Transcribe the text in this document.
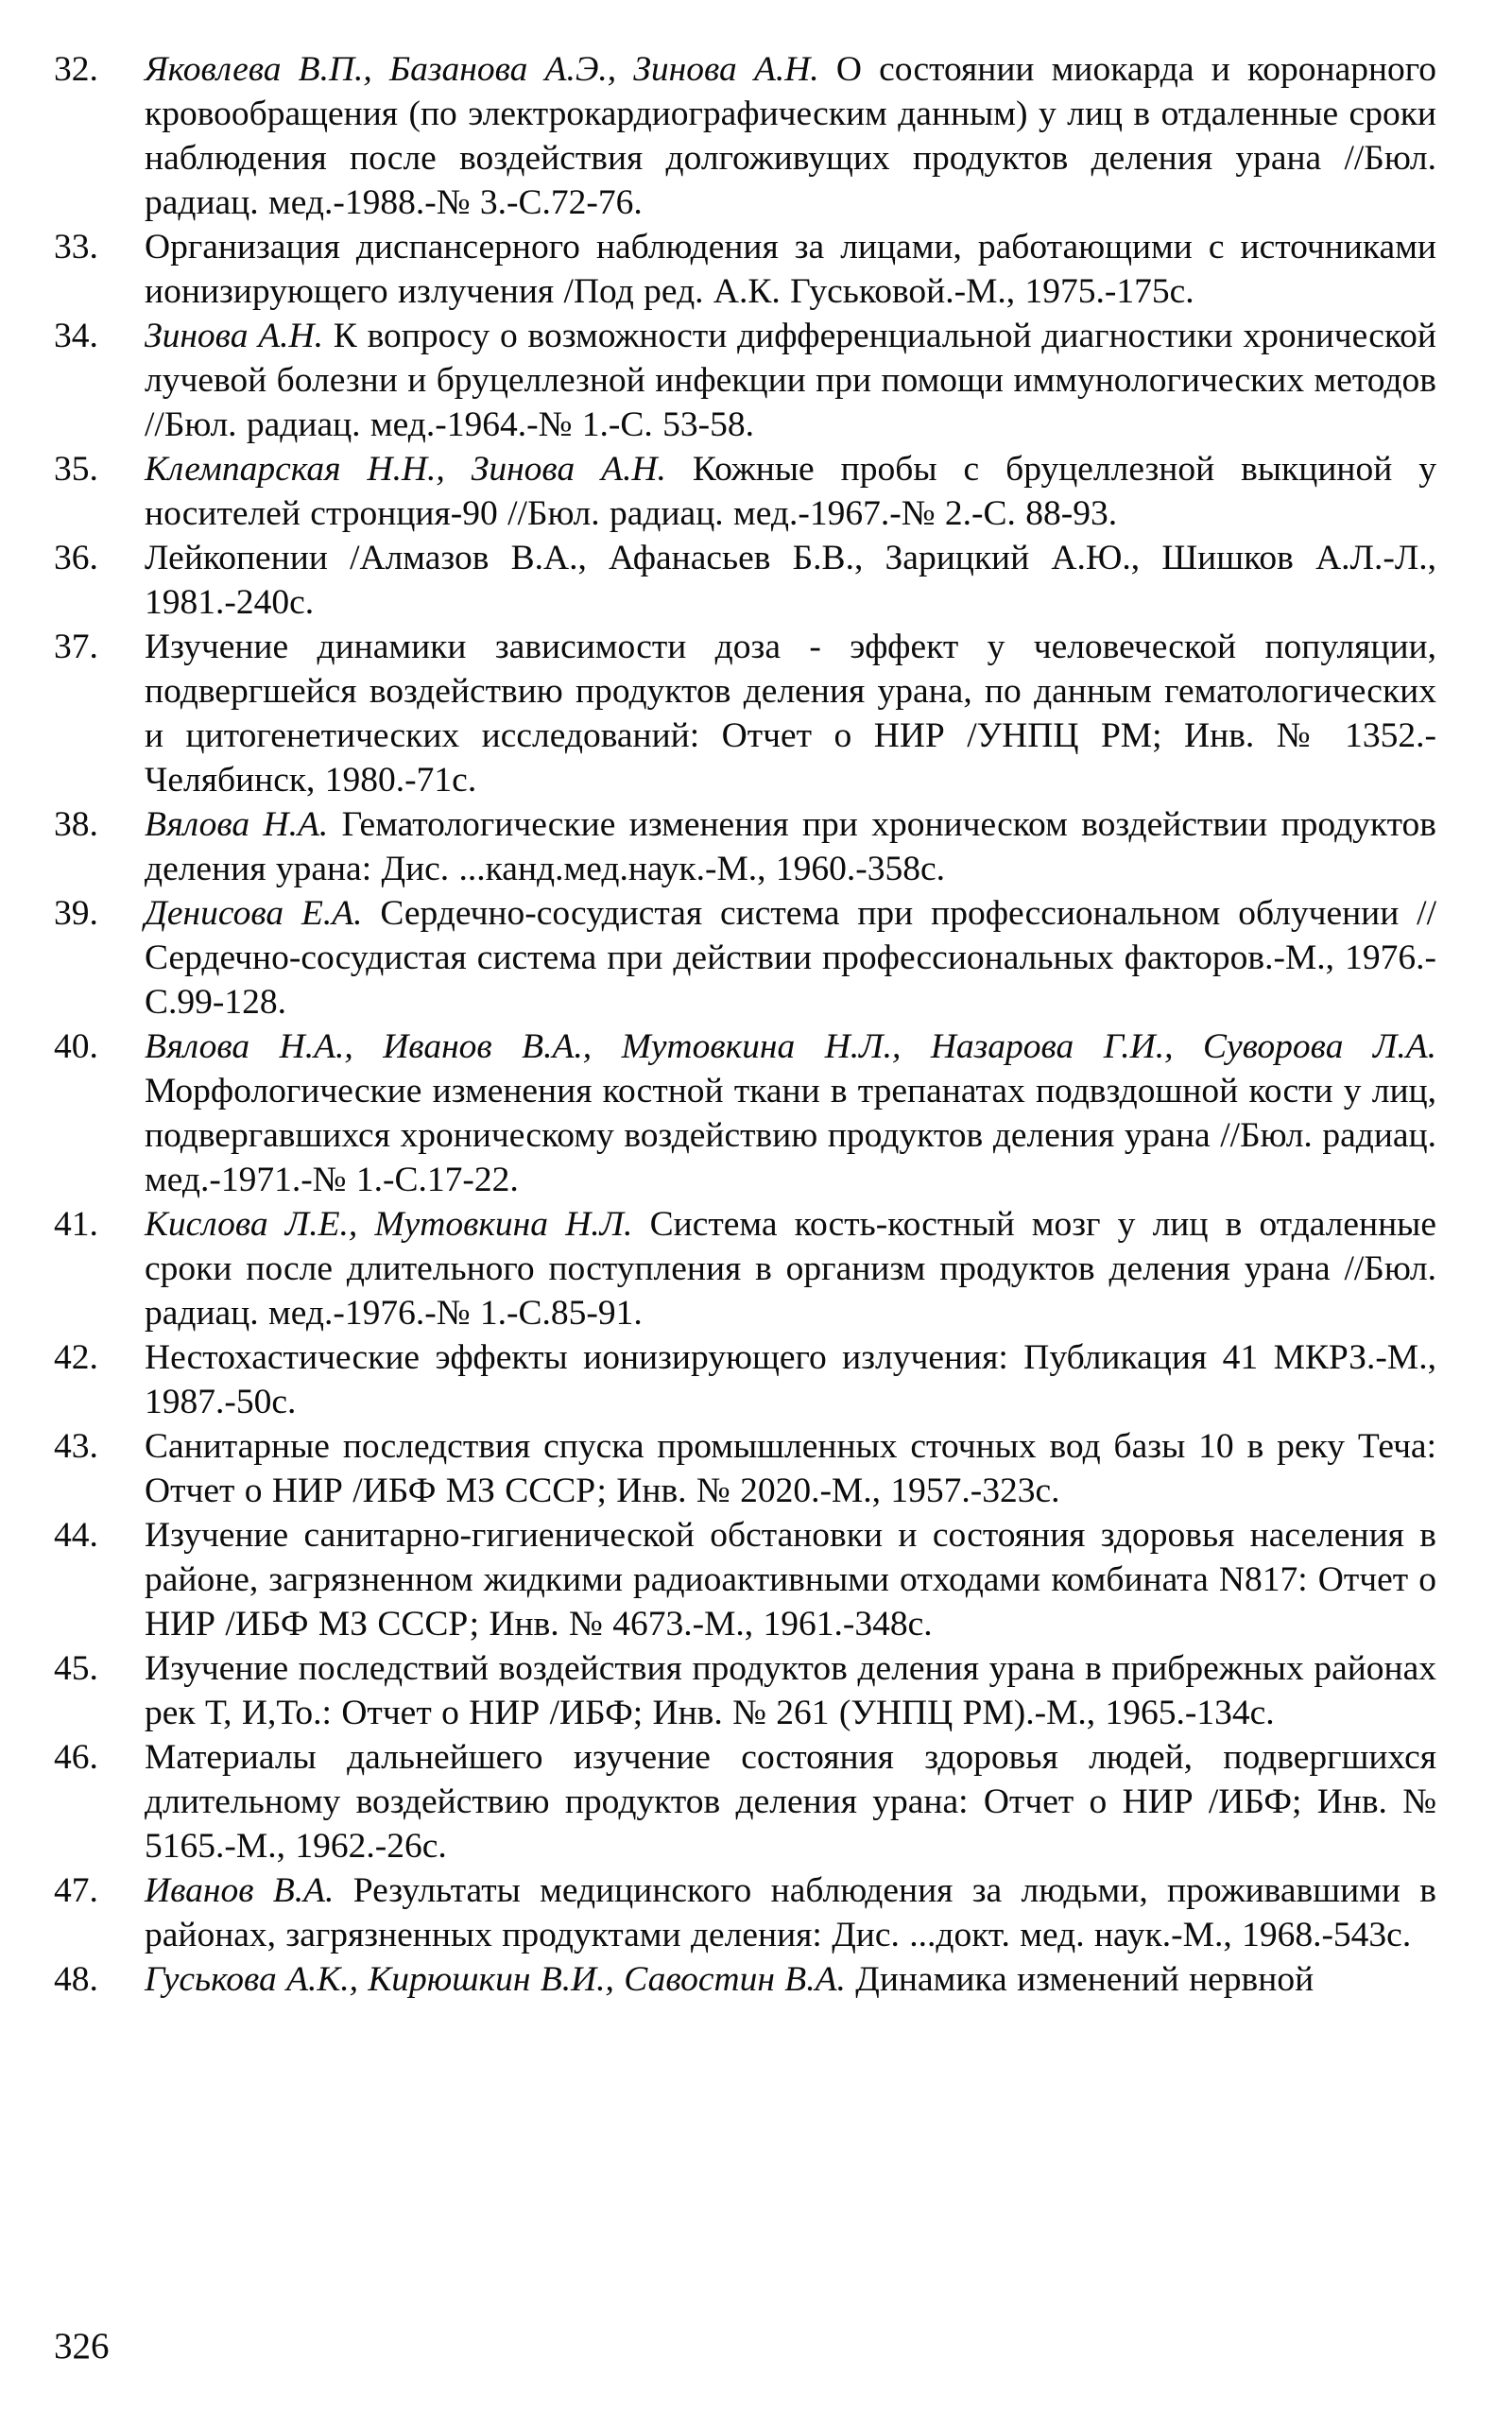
32. Яковлева В.П., Базанова А.Э., Зинова А.Н. О состоянии миокарда и коронарного кровообращения (по электрокардиографическим данным) у лиц в отдаленные сроки наблюдения после воздействия долгоживущих продуктов деления урана //Бюл. радиац. мед.-1988.-№ 3.-С.72-76.

33. Организация диспансерного наблюдения за лицами, работающими с источниками ионизирующего излучения /Под ред. А.К. Гуськовой.-М., 1975.-175с.

34. Зинова А.Н. К вопросу о возможности дифференциальной диагностики хронической лучевой болезни и бруцеллезной инфекции при помощи иммунологических методов //Бюл. радиац. мед.-1964.-№ 1.-С. 53-58.

35. Клемпарская Н.Н., Зинова А.Н. Кожные пробы с бруцеллезной выкциной у носителей стронция-90 //Бюл. радиац. мед.-1967.-№ 2.-С. 88-93.

36. Лейкопении /Алмазов В.А., Афанасьев Б.В., Зарицкий А.Ю., Шишков А.Л.-Л., 1981.-240с.

37. Изучение динамики зависимости доза - эффект у человеческой популяции, подвергшейся воздействию продуктов деления урана, по данным гематологических и цитогенетических исследований: Отчет о НИР /УНПЦ РМ; Инв. № 1352.-Челябинск, 1980.-71с.

38. Вялова Н.А. Гематологические изменения при хроническом воздействии продуктов деления урана: Дис. ...канд.мед.наук.-М., 1960.-358с.

39. Денисова Е.А. Сердечно-сосудистая система при профессиональном облучении //Сердечно-сосудистая система при действии профессиональных факторов.-М., 1976.-С.99-128.

40. Вялова Н.А., Иванов В.А., Мутовкина Н.Л., Назарова Г.И., Суворова Л.А. Морфологические изменения костной ткани в трепанатах подвздошной кости у лиц, подвергавшихся хроническому воздействию продуктов деления урана //Бюл. радиац. мед.-1971.-№ 1.-С.17-22.

41. Кислова Л.Е., Мутовкина Н.Л. Система кость-костный мозг у лиц в отдаленные сроки после длительного поступления в организм продуктов деления урана //Бюл. радиац. мед.-1976.-№ 1.-С.85-91.

42. Нестохастические эффекты ионизирующего излучения: Публикация 41 МКРЗ.-М., 1987.-50с.

43. Санитарные последствия спуска промышленных сточных вод базы 10 в реку Теча: Отчет о НИР /ИБФ МЗ СССР; Инв. № 2020.-М., 1957.-323с.

44. Изучение санитарно-гигиенической обстановки и состояния здоровья населения в районе, загрязненном жидкими радиоактивными отходами комбината N817: Отчет о НИР /ИБФ МЗ СССР; Инв. № 4673.-М., 1961.-348с.

45. Изучение последствий воздействия продуктов деления урана в прибрежных районах рек Т, И,То.: Отчет о НИР /ИБФ; Инв. № 261 (УНПЦ РМ).-М., 1965.-134с.

46. Материалы дальнейшего изучение состояния здоровья людей, подвергшихся длительному воздействию продуктов деления урана: Отчет о НИР /ИБФ; Инв. № 5165.-М., 1962.-26с.

47. Иванов В.А. Результаты медицинского наблюдения за людьми, проживавшими в районах, загрязненных продуктами деления: Дис. ...докт. мед. наук.-М., 1968.-543с.

48. Гуськова А.К., Кирюшкин В.И., Савостин В.А. Динамика изменений нервной

326
